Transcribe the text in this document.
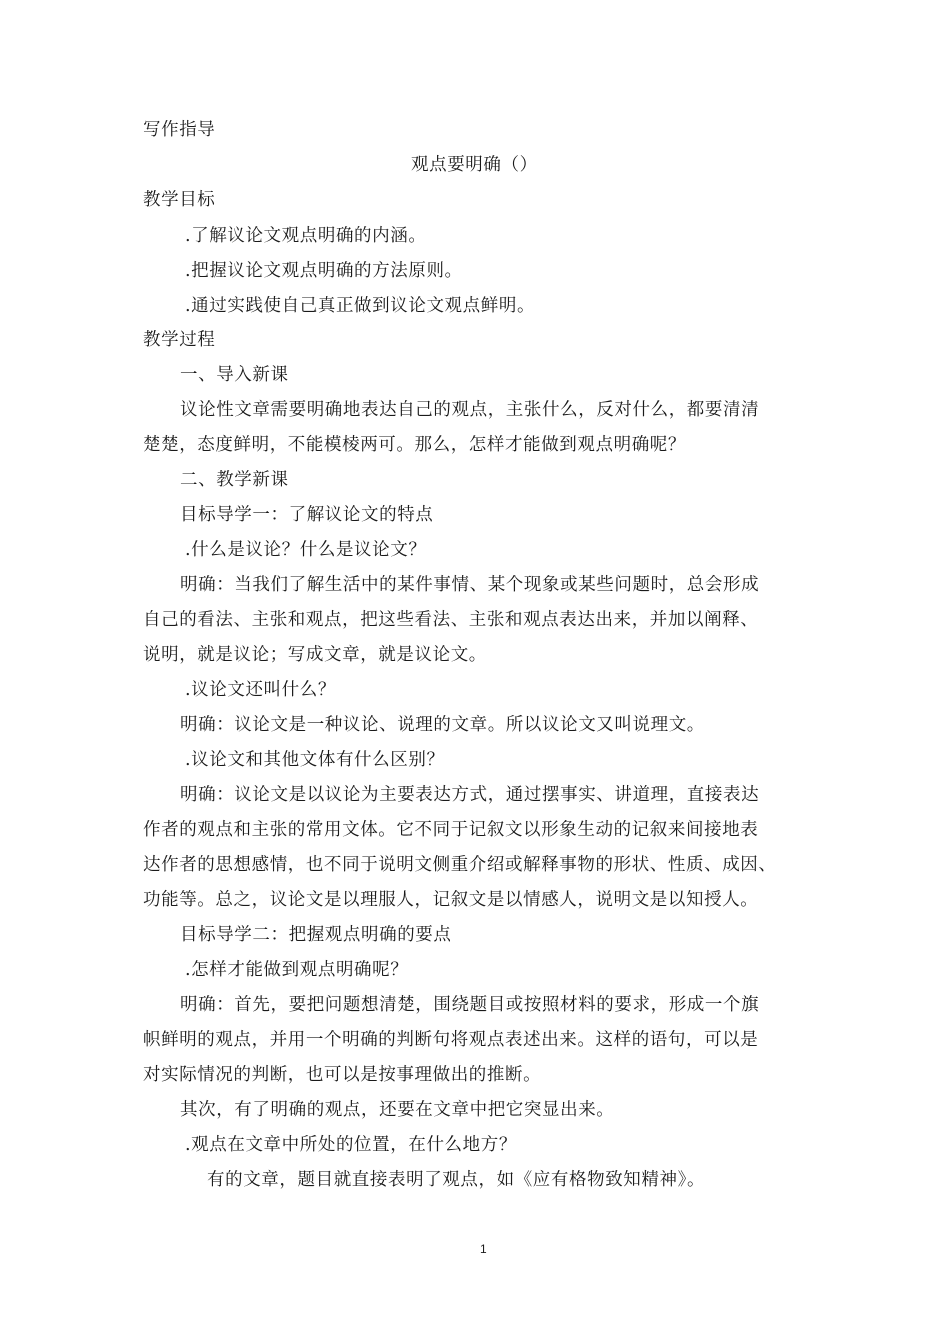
写作指导
观点要明确（）
教学目标
.了解议论文观点明确的内涵。
.把握议论文观点明确的方法原则。
.通过实践使自己真正做到议论文观点鲜明。
教学过程
一、导入新课
议论性文章需要明确地表达自己的观点，主张什么，反对什么，都要清清
楚楚，态度鲜明，不能模棱两可。那么，怎样才能做到观点明确呢？
二、教学新课
目标导学一：了解议论文的特点
.什么是议论？什么是议论文？
明确：当我们了解生活中的某件事情、某个现象或某些问题时，总会形成
自己的看法、主张和观点，把这些看法、主张和观点表达出来，并加以阐释、
说明，就是议论；写成文章，就是议论文。
.议论文还叫什么？
明确：议论文是一种议论、说理的文章。所以议论文又叫说理文。
.议论文和其他文体有什么区别？
明确：议论文是以议论为主要表达方式，通过摆事实、讲道理，直接表达
作者的观点和主张的常用文体。它不同于记叙文以形象生动的记叙来间接地表
达作者的思想感情，也不同于说明文侧重介绍或解释事物的形状、性质、成因、
功能等。总之，议论文是以理服人，记叙文是以情感人，说明文是以知授人。
目标导学二：把握观点明确的要点
.怎样才能做到观点明确呢？
明确：首先，要把问题想清楚，围绕题目或按照材料的要求，形成一个旗
帜鲜明的观点，并用一个明确的判断句将观点表述出来。这样的语句，可以是
对实际情况的判断，也可以是按事理做出的推断。
其次，有了明确的观点，还要在文章中把它突显出来。
.观点在文章中所处的位置，在什么地方？
有的文章，题目就直接表明了观点，如《应有格物致知精神》。
1
